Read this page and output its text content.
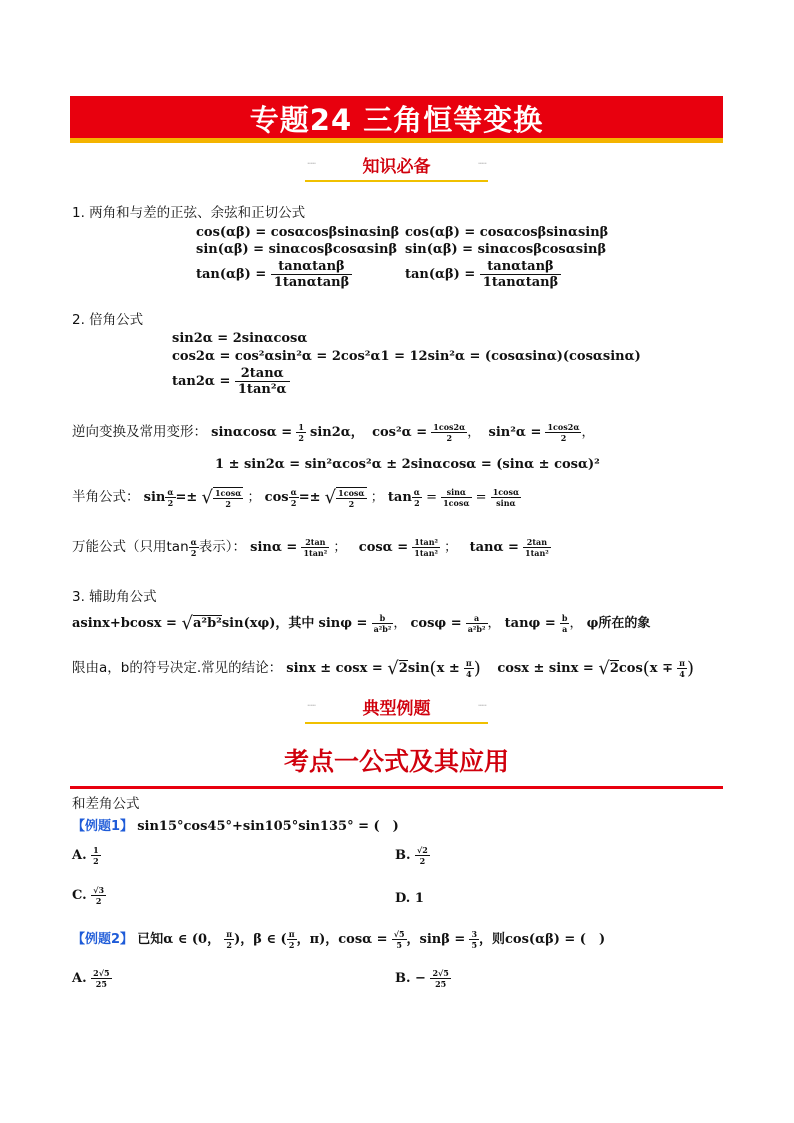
专题24 三角恒等变换
·····	知识必备	·····
1. 两角和与差的正弦、余弦和正切公式
cos(αβ) = cosαcosβsinαsinβ cos(αβ) = cosαcosβsinαsinβ
sin(αβ) = sinαcosβcosαsinβ sin(αβ) = sinαcosβcosαsinβ
$\tan(\alpha\beta) = \frac{\tan\alpha\tan\beta}{1\tan\alpha\tan\beta}$	$\tan(\alpha\beta) = \frac{\tan\alpha\tan\beta}{1\tan\alpha\tan\beta}$
2. 倍角公式
sin2α = 2sinαcosα
cos2α = cos²αsin²α = 2cos²α1 = 12sin²α = (cosαsinα)(cosαsinα)
$\tan 2\alpha = \frac{2\tan\alpha}{\text{1tan²α}}$
逆向变换及常用变形： $\sin\alpha\cos\alpha = \frac{1}{2} \sin 2\alpha$， $\cos^2\alpha = \frac{1\cos 2\alpha}{2}$ ，  $\sin^2\alpha = \frac{1\cos 2\alpha}{2}$ ，
1 ± sin2α = sin²αcos²α ± 2sinαcosα = (sinα ± cosα)²
半角公式： $\sin \frac{\alpha}{2}$ =± √ $\frac{1\cos\alpha}{2}$ ； $\cos \frac{\alpha}{2}$ =± √ $\frac{1\cos\alpha}{2}$ ； $\tan \frac{\alpha}{2} = \frac{\sin\alpha}{1\cos\alpha} = \frac{1\cos\alpha}{\sin\alpha}$
万能公式（只用$\tan \frac{\alpha}{2}$ 表示）： $\sin\alpha = \frac{2\tan}{\text{1tan²}}$ ； $\cos\alpha = \frac{\text{1tan²}}{\text{1tan²}}$ ； $\tan\alpha = \frac{2\tan}{\text{1tan²}}$
3. 辅助角公式
asinx+bcosx = √a²b²sin(xφ)，其中 $\sin\varphi = \frac{b}{\text{a²b²}}$ ， $\cos\varphi = \frac{a}{\text{a²b²}}$ ， $\tan\varphi = \frac{b}{a}$ ， φ所在的象
限由a，b的符号决定.常见的结论： $\sin x \pm \cos x = √2\sin(x \pm \frac{\pi}{4}$ ) $\cos x \pm \sin x = √2\cos(x \mp \frac{\pi}{4}$ )
·····	典型例题	·····
考点一公式及其应用
和差角公式
【例题1】 sin15°cos45°+sin105°sin135° = (　)
A. $\frac{1}{2}$	B. $\frac{√2}{2}$
C. $\frac{√3}{2}$	D. 1
【例题2】 已知α ∈ (0， $\frac{\pi}{2}$ )，β ∈ ( $\frac{\pi}{2}$ ，π)，$\cos\alpha = \frac{√5}{5}$ ，$\sin\beta = \frac{3}{5}$ ，则cos(αβ) = (　)
A. $\frac{2√5}{25}$	B. − $\frac{2√5}{25}$
